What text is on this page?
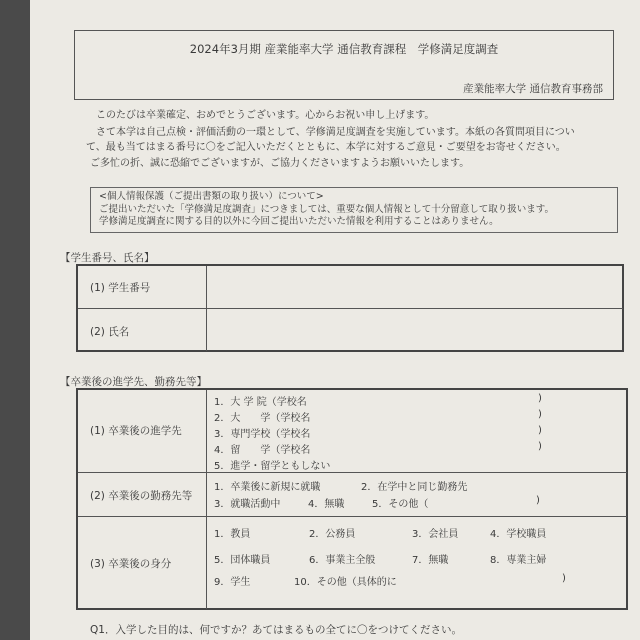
2024年3月期 産業能率大学 通信教育課程　学修満足度調査
産業能率大学 通信教育事務部
このたびは卒業確定、おめでとうございます。心からお祝い申し上げます。
さて本学は自己点検・評価活動の一環として、学修満足度調査を実施しています。本紙の各質問項目につい
て、最も当てはまる番号に〇をご記入いただくとともに、本学に対するご意見・ご要望をお寄せください。
ご多忙の折、誠に恐縮でございますが、ご協力くださいますようお願いいたします。
<個人情報保護（ご提出書類の取り扱い）について>
ご提出いただいた「学修満足度調査」につきましては、重要な個人情報として十分留意して取り扱います。
学修満足度調査に関する目的以外に今回ご提出いただいた情報を利用することはありません。
【学生番号、氏名】
(1) 学生番号
(2) 氏名
【卒業後の進学先、勤務先等】
(1) 卒業後の進学先
1．大 学 院（学校名
2．大　　学（学校名
3．専門学校（学校名
4．留　　学（学校名
5．進学・留学ともしない
)
)
)
)
(2) 卒業後の勤務先等
1．卒業後に新規に就職	2．在学中と同じ勤務先
3．就職活動中	4．無職	5．その他（	)
(3) 卒業後の身分
1．教員	2．公務員	3．会社員	4．学校職員
5．団体職員	6．事業主全般	7．無職	8．専業主婦
9．学生	10．その他（具体的に	)
Q1．入学した目的は、何ですか？あてはまるもの全てに〇をつけてください。
